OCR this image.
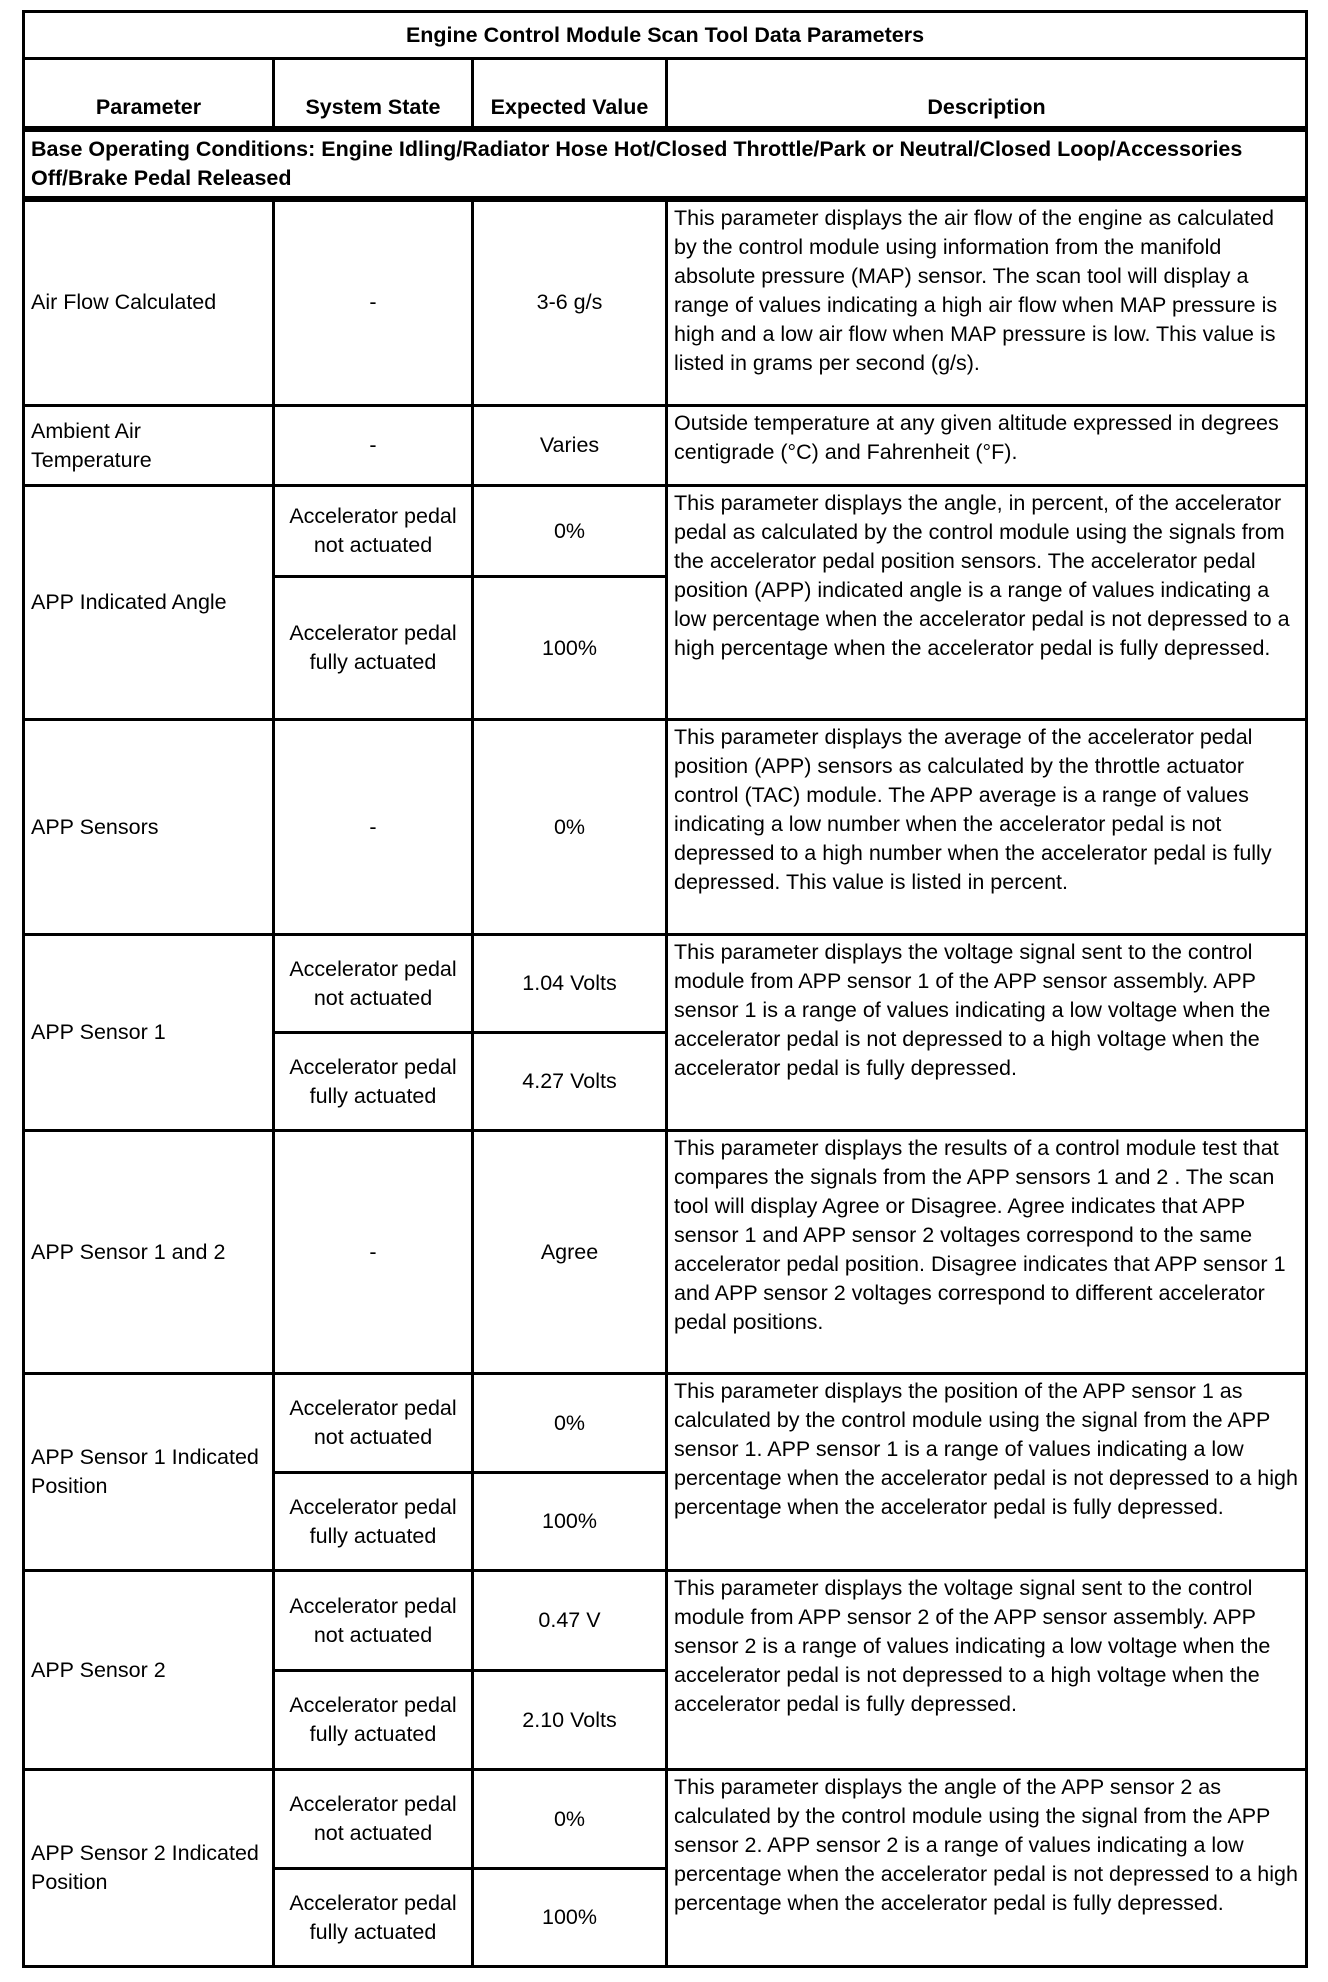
Engine Control Module Scan Tool Data Parameters			
Parameter	System State	Expected Value	Description
Base Operating Conditions: Engine Idling/Radiator Hose Hot/Closed Throttle/Park or Neutral/Closed Loop/Accessories Off/Brake Pedal Released			
Air Flow Calculated	-	3-6 g/s	This parameter displays the air flow of the engine as calculated by the control module using information from the manifold absolute pressure (MAP) sensor. The scan tool will display a range of values indicating a high air flow when MAP pressure is high and a low air flow when MAP pressure is low. This value is listed in grams per second (g/s).
Ambient Air Temperature	-	Varies	Outside temperature at any given altitude expressed in degrees centigrade (°C) and Fahrenheit (°F).
APP Indicated Angle	Accelerator pedal not actuated	0%	This parameter displays the angle, in percent, of the accelerator pedal as calculated by the control module using the signals from the accelerator pedal position sensors. The accelerator pedal position (APP) indicated angle is a range of values indicating a low percentage when the accelerator pedal is not depressed to a high percentage when the accelerator pedal is fully depressed.
	Accelerator pedal fully actuated	100%	
APP Sensors	-	0%	This parameter displays the average of the accelerator pedal position (APP) sensors as calculated by the throttle actuator control (TAC) module. The APP average is a range of values indicating a low number when the accelerator pedal is not depressed to a high number when the accelerator pedal is fully depressed. This value is listed in percent.
APP Sensor 1	Accelerator pedal not actuated	1.04 Volts	This parameter displays the voltage signal sent to the control module from APP sensor 1 of the APP sensor assembly. APP sensor 1 is a range of values indicating a low voltage when the accelerator pedal is not depressed to a high voltage when the accelerator pedal is fully depressed.
	Accelerator pedal fully actuated	4.27 Volts	
APP Sensor 1 and 2	-	Agree	This parameter displays the results of a control module test that compares the signals from the APP sensors 1 and 2 . The scan tool will display Agree or Disagree. Agree indicates that APP sensor 1 and APP sensor 2 voltages correspond to the same accelerator pedal position. Disagree indicates that APP sensor 1 and APP sensor 2 voltages correspond to different accelerator pedal positions.
APP Sensor 1 Indicated Position	Accelerator pedal not actuated	0%	This parameter displays the position of the APP sensor 1 as calculated by the control module using the signal from the APP sensor 1. APP sensor 1 is a range of values indicating a low percentage when the accelerator pedal is not depressed to a high percentage when the accelerator pedal is fully depressed.
	Accelerator pedal fully actuated	100%	
APP Sensor 2	Accelerator pedal not actuated	0.47 V	This parameter displays the voltage signal sent to the control module from APP sensor 2 of the APP sensor assembly. APP sensor 2 is a range of values indicating a low voltage when the accelerator pedal is not depressed to a high voltage when the accelerator pedal is fully depressed.
	Accelerator pedal fully actuated	2.10 Volts	
APP Sensor 2 Indicated Position	Accelerator pedal not actuated	0%	This parameter displays the angle of the APP sensor 2 as calculated by the control module using the signal from the APP sensor 2. APP sensor 2 is a range of values indicating a low percentage when the accelerator pedal is not depressed to a high percentage when the accelerator pedal is fully depressed.
	Accelerator pedal fully actuated	100%	
